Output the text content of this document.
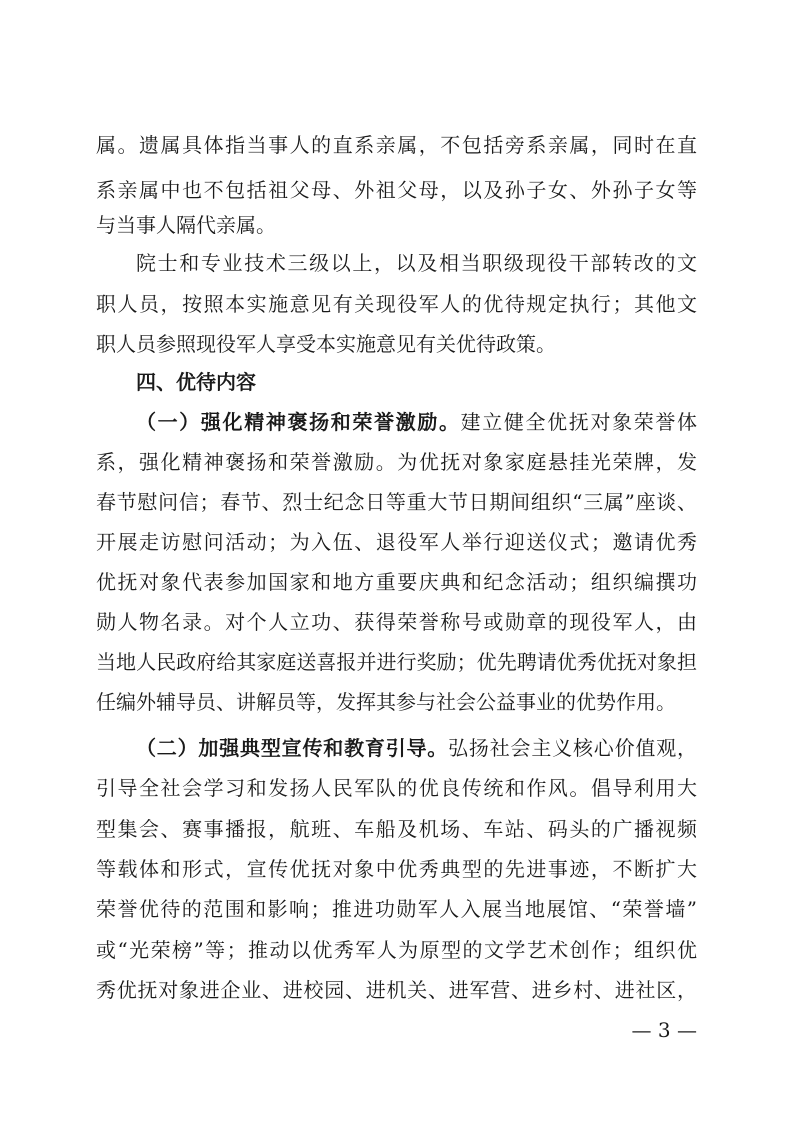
属。遗属具体指当事人的直系亲属，不包括旁系亲属，同时在直
系亲属中也不包括祖父母、外祖父母，以及孙子女、外孙子女等
与当事人隔代亲属。
院士和专业技术三级以上，以及相当职级现役干部转改的文
职人员，按照本实施意见有关现役军人的优待规定执行；其他文
职人员参照现役军人享受本实施意见有关优待政策。
四、优待内容
（一）强化精神褒扬和荣誉激励。建立健全优抚对象荣誉体
系，强化精神褒扬和荣誉激励。为优抚对象家庭悬挂光荣牌，发
春节慰问信；春节、烈士纪念日等重大节日期间组织“三属”座谈、
开展走访慰问活动；为入伍、退役军人举行迎送仪式；邀请优秀
优抚对象代表参加国家和地方重要庆典和纪念活动；组织编撰功
勋人物名录。对个人立功、获得荣誉称号或勋章的现役军人，由
当地人民政府给其家庭送喜报并进行奖励；优先聘请优秀优抚对象担
任编外辅导员、讲解员等，发挥其参与社会公益事业的优势作用。
（二）加强典型宣传和教育引导。弘扬社会主义核心价值观，
引导全社会学习和发扬人民军队的优良传统和作风。倡导利用大
型集会、赛事播报，航班、车船及机场、车站、码头的广播视频
等载体和形式，宣传优抚对象中优秀典型的先进事迹，不断扩大
荣誉优待的范围和影响；推进功勋军人入展当地展馆、“荣誉墙”
或“光荣榜”等；推动以优秀军人为原型的文学艺术创作；组织优
秀优抚对象进企业、进校园、进机关、进军营、进乡村、进社区，
— 3 —
